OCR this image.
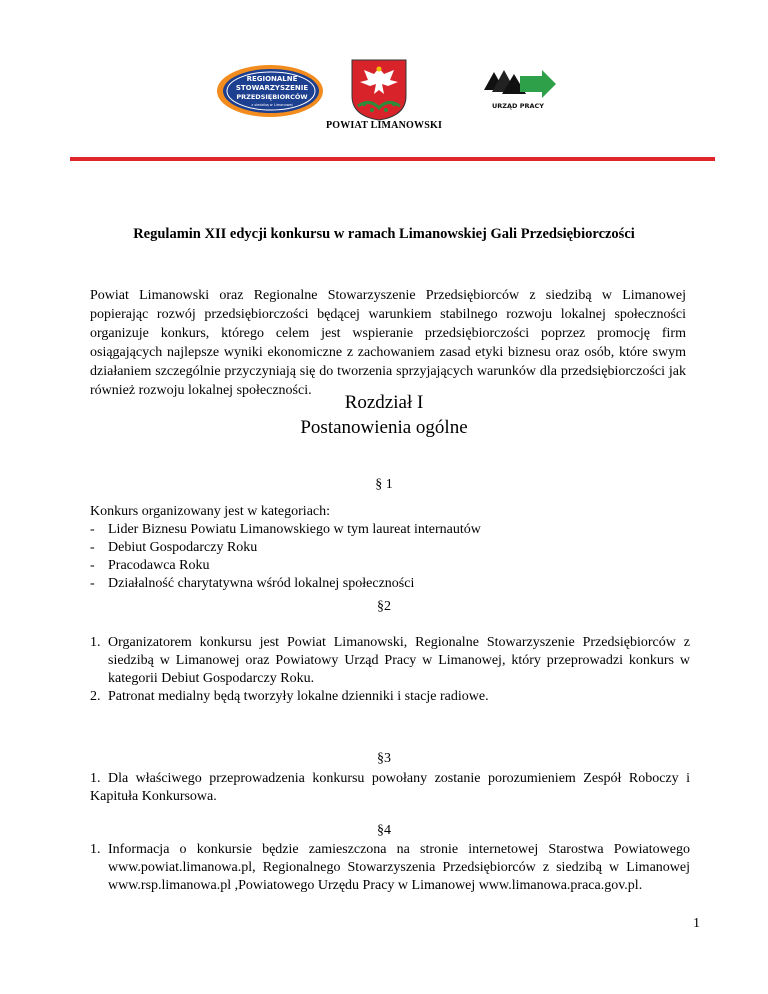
REGIONALNE
STOWARZYSZENIE
PRZEDSIĘBIORCÓW
z siedzibą w Limanowej	URZĄD PRACY
POWIAT LIMANOWSKI
Regulamin XII edycji konkursu w ramach Limanowskiej Gali Przedsiębiorczości
Powiat Limanowski oraz Regionalne Stowarzyszenie Przedsiębiorców z siedzibą w Limanowej popierając rozwój przedsiębiorczości będącej warunkiem stabilnego rozwoju lokalnej społeczności organizuje konkurs, którego celem jest wspieranie przedsiębiorczości poprzez promocję firm osiągających najlepsze wyniki ekonomiczne z zachowaniem zasad etyki biznesu oraz osób, które swym działaniem szczególnie przyczyniają się do tworzenia sprzyjających warunków dla przedsiębiorczości jak również rozwoju lokalnej społeczności.
Rozdział I
Postanowienia ogólne
§ 1
Konkurs organizowany jest w kategoriach:
- Lider Biznesu Powiatu Limanowskiego w tym laureat internautów
- Debiut Gospodarczy Roku
- Pracodawca Roku
- Działalność charytatywna wśród lokalnej społeczności
§2
1. Organizatorem konkursu jest Powiat Limanowski, Regionalne Stowarzyszenie Przedsiębiorców z siedzibą w Limanowej oraz Powiatowy Urząd Pracy w Limanowej, który przeprowadzi konkurs w kategorii Debiut Gospodarczy Roku.
2. Patronat medialny będą tworzyły lokalne dzienniki i stacje radiowe.
§3
1. Dla właściwego przeprowadzenia konkursu powołany zostanie porozumieniem Zespół Roboczy i Kapituła Konkursowa.
§4
1. Informacja o konkursie będzie zamieszczona na stronie internetowej Starostwa Powiatowego www.powiat.limanowa.pl, Regionalnego Stowarzyszenia Przedsiębiorców z siedzibą w Limanowej www.rsp.limanowa.pl ,Powiatowego Urzędu Pracy w Limanowej www.limanowa.praca.gov.pl.
1
